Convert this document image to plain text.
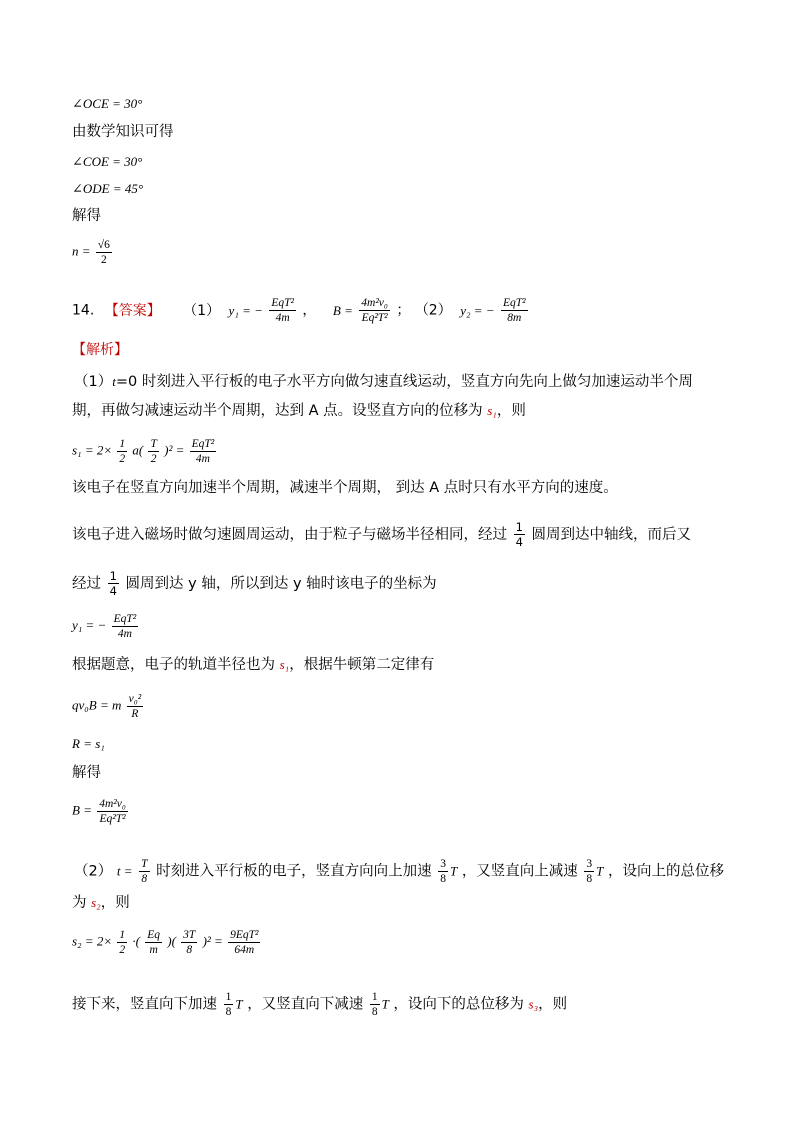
∠OCE = 30°
由数学知识可得
∠COE = 30°
∠ODE = 45°
解得
$n = \frac{√6}{2}$
14. 【答案】 （1） y₁ = − $\frac{\text{EqT²}}{4m}$ ， $B = \frac{\text{4m²v₀}}{\text{Eq²T²}}$ ； （2） y₂ = − $\frac{\text{EqT²}}{8m}$
【解析】
（1）t=0 时刻进入平行板的电子水平方向做匀速直线运动，竖直方向先向上做匀加速运动半个周
期，再做匀减速运动半个周期，达到 A 点。设竖直方向的位移为 s₁，则
$s_1 = 2\times \frac{1}{2} a( \frac{T}{2} )^2 = \frac{\text{EqT²}}{4m}$
该电子在竖直方向加速半个周期，减速半个周期， 到达 A 点时只有水平方向的速度。
该电子进入磁场时做匀速圆周运动，由于粒子与磁场半径相同，经过 $\frac{1}{4}$ 圆周到达中轴线，而后又
经过 $\frac{1}{4}$ 圆周到达 y 轴，所以到达 y 轴时该电子的坐标为
y₁ = − $\frac{\text{EqT²}}{4m}$
根据题意，电子的轨道半径也为 s₁，根据牛顿第二定律有
qv₀B = m $\frac{\text{v₀²}}{R}$
R = s₁
解得
$B = \frac{\text{4m²v₀}}{\text{Eq²T²}}$
（2） $t = \frac{T}{8}$ 时刻进入平行板的电子，竖直方向向上加速 $\frac{3}{8}$ T ，又竖直向上减速 $\frac{3}{8}$ T ，设向上的总位移
为 s₂，则
$s_2 = 2\times \frac{1}{2}$ ·( $\frac{Eq}{m}$ )( $\frac{3T}{8} )^2 = \frac{\text{9EqT²}}{64m}$
接下来，竖直向下加速 $\frac{1}{8}$ T ，又竖直向下减速 $\frac{1}{8}$ T ，设向下的总位移为 s₃，则
